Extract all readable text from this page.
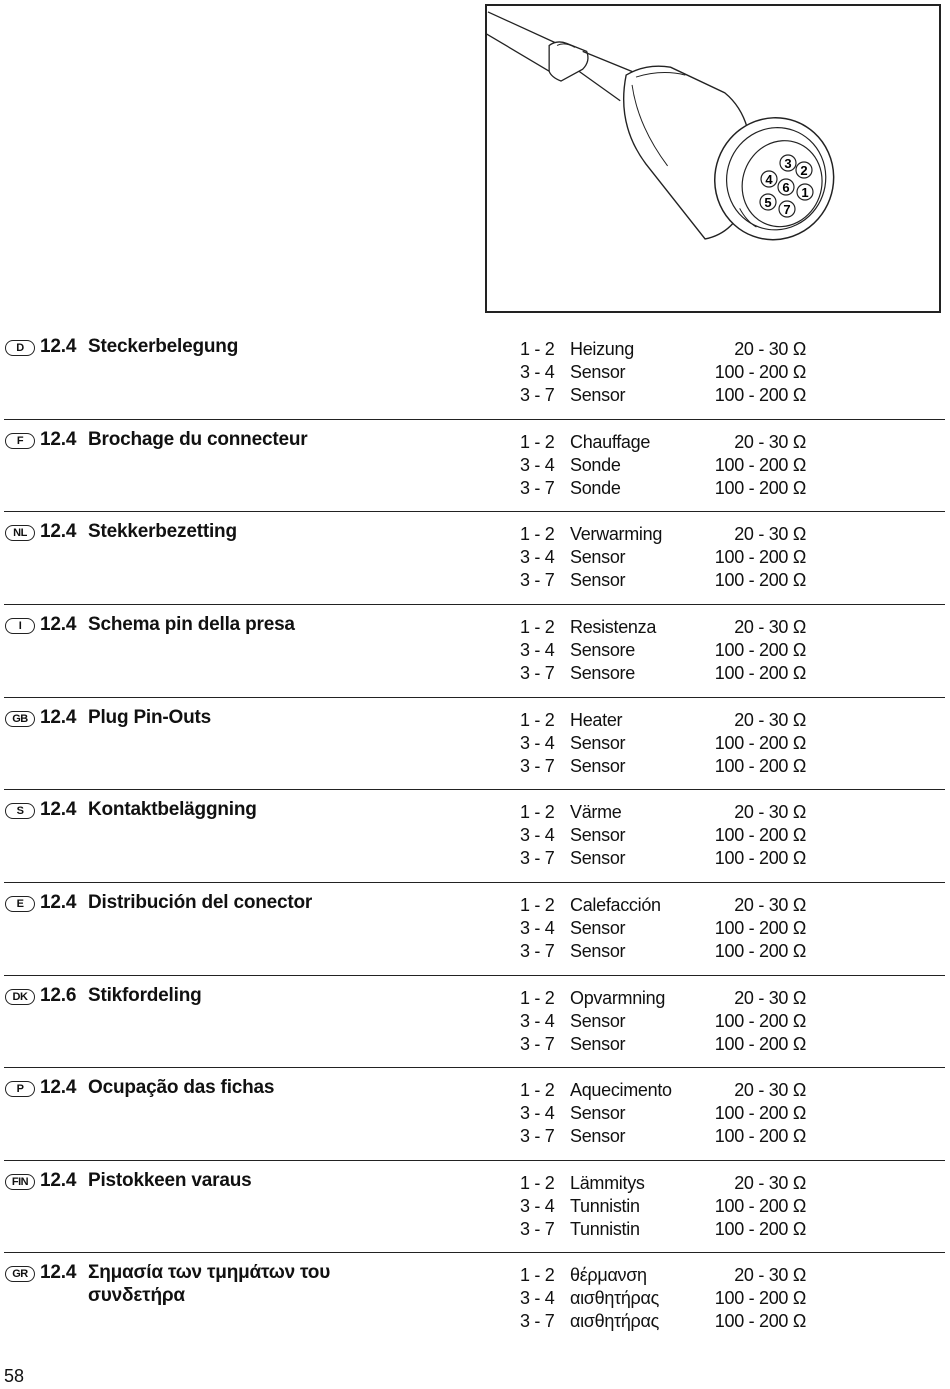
3 2
4
6 1
5 7
D 12.4 Steckerbelegung	1 - 2 Heizung	20 - 30 Ω
3 - 4 Sensor	100 - 200 Ω
3 - 7 Sensor	100 - 200 Ω
F 12.4 Brochage du connecteur	1 - 2 Chauffage	20 - 30 Ω
3 - 4 Sonde	100 - 200 Ω
3 - 7 Sonde	100 - 200 Ω
NL 12.4 Stekkerbezetting	1 - 2 Verwarming	20 - 30 Ω
3 - 4 Sensor	100 - 200 Ω
3 - 7 Sensor	100 - 200 Ω
I 12.4 Schema pin della presa	1 - 2 Resistenza	20 - 30 Ω
3 - 4 Sensore	100 - 200 Ω
3 - 7 Sensore	100 - 200 Ω
GB 12.4 Plug Pin-Outs	1 - 2 Heater	20 - 30 Ω
3 - 4 Sensor	100 - 200 Ω
3 - 7 Sensor	100 - 200 Ω
S 12.4 Kontaktbeläggning	1 - 2 Värme	20 - 30 Ω
3 - 4 Sensor	100 - 200 Ω
3 - 7 Sensor	100 - 200 Ω
E 12.4 Distribución del conector	1 - 2 Calefacción	20 - 30 Ω
3 - 4 Sensor	100 - 200 Ω
3 - 7 Sensor	100 - 200 Ω
DK 12.6 Stikfordeling	1 - 2 Opvarmning	20 - 30 Ω
3 - 4 Sensor	100 - 200 Ω
3 - 7 Sensor	100 - 200 Ω
P 12.4 Ocupação das fichas	1 - 2 Aquecimento	20 - 30 Ω
3 - 4 Sensor	100 - 200 Ω
3 - 7 Sensor	100 - 200 Ω
FIN 12.4 Pistokkeen varaus	1 - 2 Lämmitys	20 - 30 Ω
3 - 4 Tunnistin	100 - 200 Ω
3 - 7 Tunnistin	100 - 200 Ω
GR 12.4 Σημασία των τμημάτων του
συνδετήρα
1 - 2 θέρμανση	20 - 30 Ω
3 - 4 αισθητήρας	100 - 200 Ω
3 - 7 αισθητήρας	100 - 200 Ω
58
